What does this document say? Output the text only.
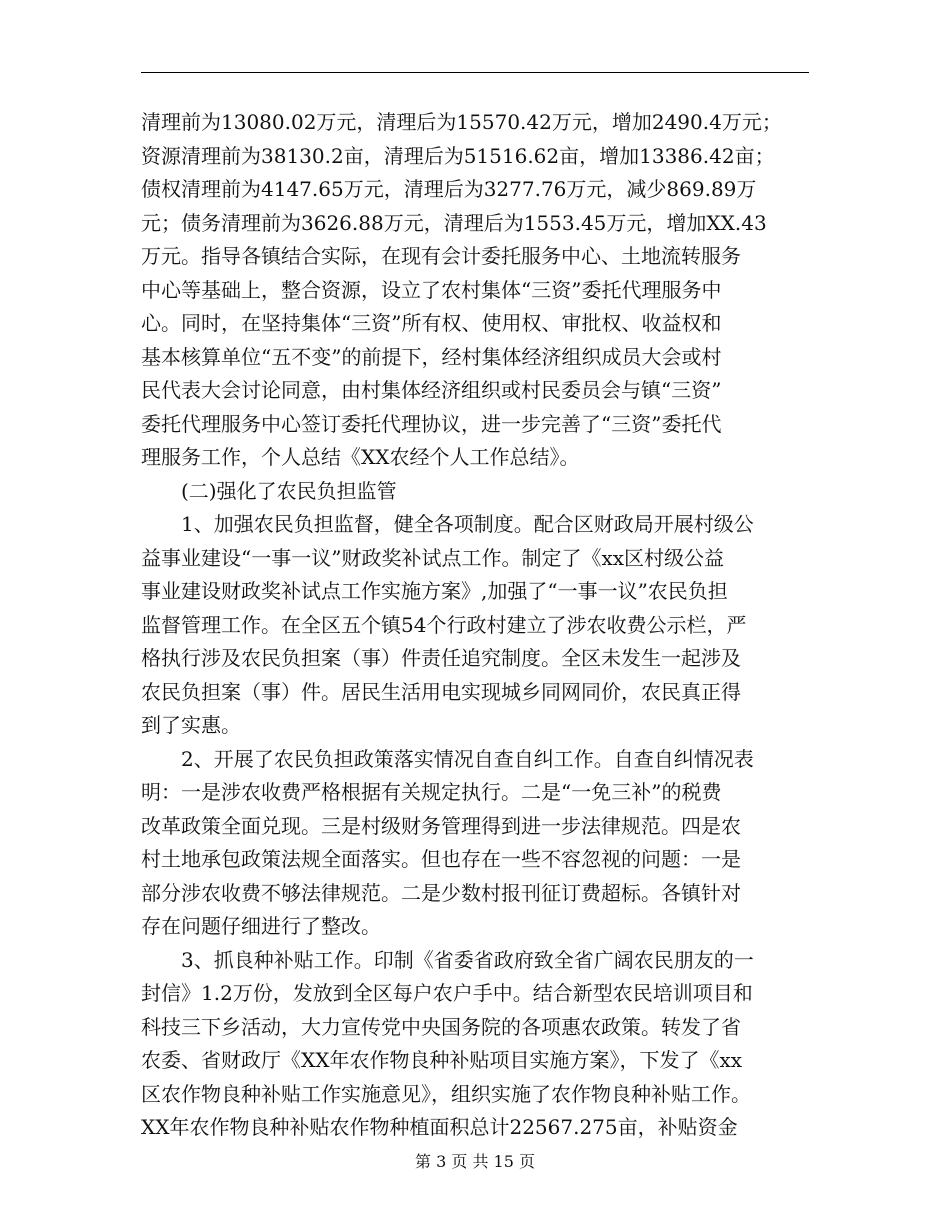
清理前为13080.02万元，清理后为15570.42万元，增加2490.4万元；
资源清理前为38130.2亩，清理后为51516.62亩，增加13386.42亩；
债权清理前为4147.65万元，清理后为3277.76万元，减少869.89万
元；债务清理前为3626.88万元，清理后为1553.45万元，增加XX.43
万元。指导各镇结合实际，在现有会计委托服务中心、土地流转服务
中心等基础上，整合资源，设立了农村集体“三资”委托代理服务中
心。同时，在坚持集体“三资”所有权、使用权、审批权、收益权和
基本核算单位“五不变”的前提下，经村集体经济组织成员大会或村
民代表大会讨论同意，由村集体经济组织或村民委员会与镇“三资”
委托代理服务中心签订委托代理协议，进一步完善了“三资”委托代
理服务工作，个人总结《XX农经个人工作总结》。
(二)强化了农民负担监管
1、加强农民负担监督，健全各项制度。配合区财政局开展村级公
益事业建设“一事一议”财政奖补试点工作。制定了《xx区村级公益
事业建设财政奖补试点工作实施方案》,加强了“一事一议”农民负担
监督管理工作。在全区五个镇54个行政村建立了涉农收费公示栏，严
格执行涉及农民负担案（事）件责任追究制度。全区未发生一起涉及
农民负担案（事）件。居民生活用电实现城乡同网同价，农民真正得
到了实惠。
2、开展了农民负担政策落实情况自查自纠工作。自查自纠情况表
明：一是涉农收费严格根据有关规定执行。二是“一免三补”的税费
改革政策全面兑现。三是村级财务管理得到进一步法律规范。四是农
村土地承包政策法规全面落实。但也存在一些不容忽视的问题：一是
部分涉农收费不够法律规范。二是少数村报刊征订费超标。各镇针对
存在问题仔细进行了整改。
3、抓良种补贴工作。印制《省委省政府致全省广阔农民朋友的一
封信》1.2万份，发放到全区每户农户手中。结合新型农民培训项目和
科技三下乡活动，大力宣传党中央国务院的各项惠农政策。转发了省
农委、省财政厅《XX年农作物良种补贴项目实施方案》，下发了《xx
区农作物良种补贴工作实施意见》，组织实施了农作物良种补贴工作。
XX年农作物良种补贴农作物种植面积总计22567.275亩，补贴资金
第 3 页 共 15 页
